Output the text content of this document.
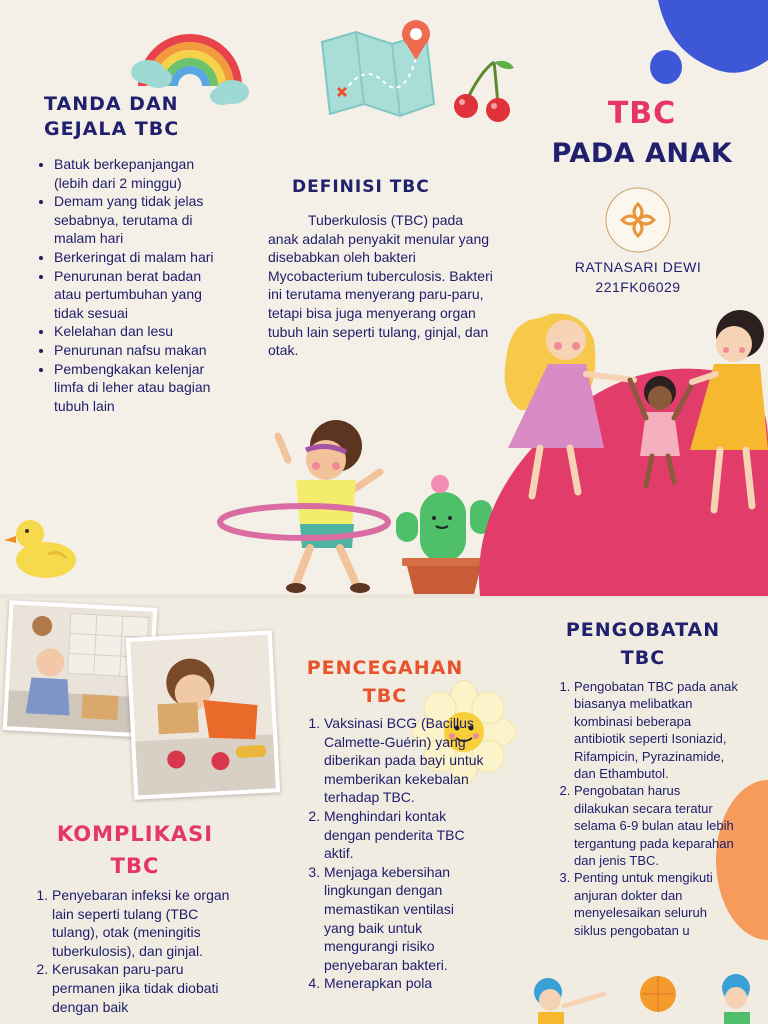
TANDA DAN
GEJALA TBC
• Batuk berkepanjangan (lebih dari 2 minggu)
• Demam yang tidak jelas sebabnya, terutama di malam hari
• Berkeringat di malam hari
• Penurunan berat badan atau pertumbuhan yang tidak sesuai
• Kelelahan dan lesu
• Penurunan nafsu makan
• Pembengkakan kelenjar limfa di leher atau bagian tubuh lain
DEFINISI TBC
Tuberkulosis (TBC) pada anak adalah penyakit menular yang disebabkan oleh bakteri Mycobacterium tuberculosis. Bakteri ini terutama menyerang paru-paru, tetapi bisa juga menyerang organ tubuh lain seperti tulang, ginjal, dan otak.
TBC
PADA ANAK
RATNASARI DEWI
221FK06029
KOMPLIKASI
TBC
1. Penyebaran infeksi ke organ lain seperti tulang (TBC tulang), otak (meningitis tuberkulosis), dan ginjal.
2. Kerusakan paru-paru permanen jika tidak diobati dengan baik
PENCEGAHAN
TBC
1. Vaksinasi BCG (Bacillus Calmette-Guérin) yang diberikan pada bayi untuk memberikan kekebalan terhadap TBC.
2. Menghindari kontak dengan penderita TBC aktif.
3. Menjaga kebersihan lingkungan dengan memastikan ventilasi yang baik untuk mengurangi risiko penyebaran bakteri.
4. Menerapkan pola
PENGOBATAN
TBC
1. Pengobatan TBC pada anak biasanya melibatkan kombinasi beberapa antibiotik seperti Isoniazid, Rifampicin, Pyrazinamide, dan Ethambutol.
2. Pengobatan harus dilakukan secara teratur selama 6-9 bulan atau lebih tergantung pada keparahan dan jenis TBC.
3. Penting untuk mengikuti anjuran dokter dan menyelesaikan seluruh siklus pengobatan u
